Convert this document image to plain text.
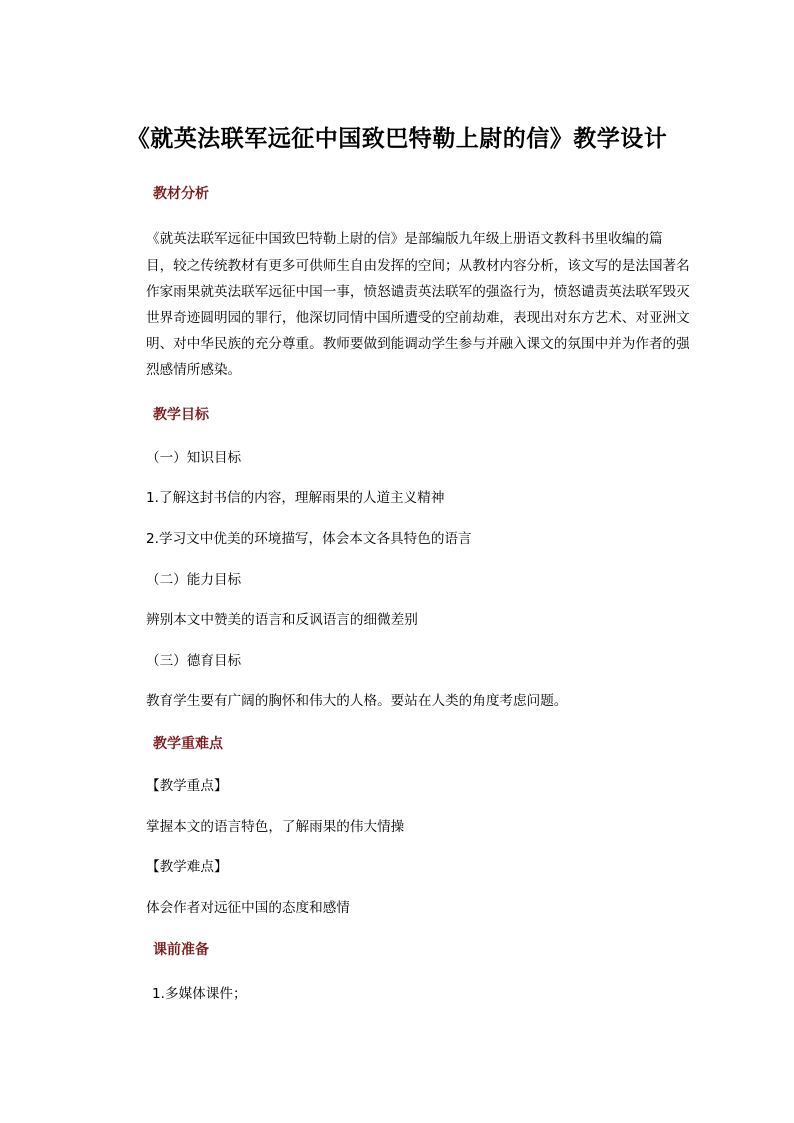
《就英法联军远征中国致巴特勒上尉的信》教学设计
教材分析
《就英法联军远征中国致巴特勒上尉的信》是部编版九年级上册语文教科书里收编的篇
目，较之传统教材有更多可供师生自由发挥的空间；从教材内容分析，该文写的是法国著名
作家雨果就英法联军远征中国一事，愤怒谴责英法联军的强盗行为，愤怒谴责英法联军毁灭
世界奇迹圆明园的罪行，他深切同情中国所遭受的空前劫难，表现出对东方艺术、对亚洲文
明、对中华民族的充分尊重。教师要做到能调动学生参与并融入课文的氛围中并为作者的强
烈感情所感染。
教学目标
（一）知识目标
1.了解这封书信的内容，理解雨果的人道主义精神
2.学习文中优美的环境描写，体会本文各具特色的语言
（二）能力目标
辨别本文中赞美的语言和反讽语言的细微差别
（三）德育目标
教育学生要有广阔的胸怀和伟大的人格。要站在人类的角度考虑问题。
教学重难点
【教学重点】
掌握本文的语言特色，了解雨果的伟大情操
【教学难点】
体会作者对远征中国的态度和感情
课前准备
1.多媒体课件；
